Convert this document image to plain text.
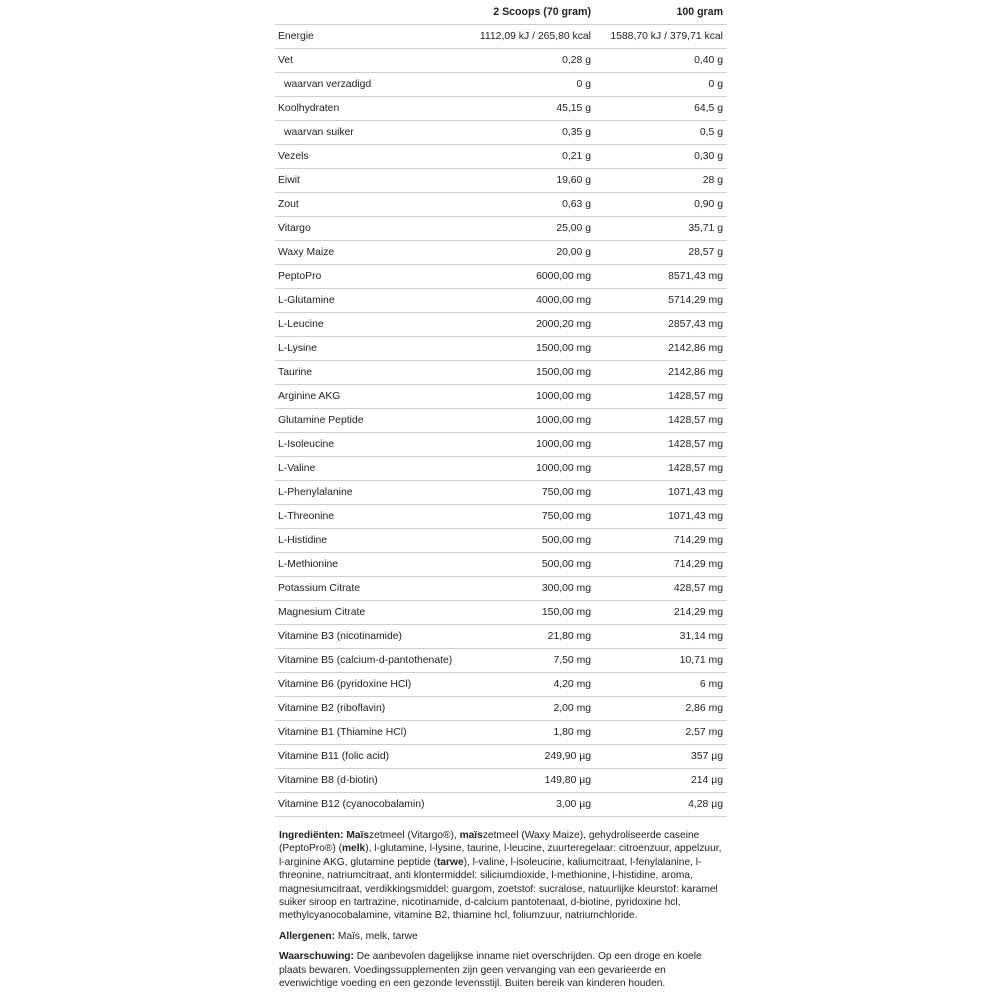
	2 Scoops (70 gram)	100 gram
Energie	1112,09 kJ / 265,80 kcal	1588,70 kJ / 379,71 kcal
Vet	0,28 g	0,40 g
waarvan verzadigd	0 g	0 g
Koolhydraten	45,15 g	64,5 g
waarvan suiker	0,35 g	0,5 g
Vezels	0,21 g	0,30 g
Eiwit	19,60 g	28 g
Zout	0,63 g	0,90 g
Vitargo	25,00 g	35,71 g
Waxy Maize	20,00 g	28,57 g
PeptoPro	6000,00 mg	8571,43 mg
L-Glutamine	4000,00 mg	5714,29 mg
L-Leucine	2000,20 mg	2857,43 mg
L-Lysine	1500,00 mg	2142,86 mg
Taurine	1500,00 mg	2142,86 mg
Arginine AKG	1000,00 mg	1428,57 mg
Glutamine Peptide	1000,00 mg	1428,57 mg
L-Isoleucine	1000,00 mg	1428,57 mg
L-Valine	1000,00 mg	1428,57 mg
L-Phenylalanine	750,00 mg	1071,43 mg
L-Threonine	750,00 mg	1071,43 mg
L-Histidine	500,00 mg	714,29 mg
L-Methionine	500,00 mg	714,29 mg
Potassium Citrate	300,00 mg	428,57 mg
Magnesium Citrate	150,00 mg	214,29 mg
Vitamine B3 (nicotinamide)	21,80 mg	31,14 mg
Vitamine B5 (calcium-d-pantothenate)	7,50 mg	10,71 mg
Vitamine B6 (pyridoxine HCl)	4,20 mg	6 mg
Vitamine B2 (riboflavin)	2,00 mg	2,86 mg
Vitamine B1 (Thiamine HCl)	1,80 mg	2,57 mg
Vitamine B11 (folic acid)	249,90 µg	357 µg
Vitamine B8 (d-biotin)	149,80 µg	214 µg
Vitamine B12 (cyanocobalamin)	3,00 µg	4,28 µg

Ingrediënten: Maïszetmeel (Vitargo®), maïszetmeel (Waxy Maize), gehydroliseerde caseine (PeptoPro®) (melk), l-glutamine, l-lysine, taurine, l-leucine, zuurteregelaar: citroenzuur, appelzuur, l-arginine AKG, glutamine peptide (tarwe), l-valine, l-isoleucine, kaliumcitraat, l-fenylalanine, l-threonine, natriumcitraat, anti klontermiddel: siliciumdioxide, l-methionine, l-histidine, aroma, magnesiumcitraat, verdikkingsmiddel: guargom, zoetstof: sucralose, natuurlijke kleurstof: karamel suiker siroop en tartrazine, nicotinamide, d-calcium pantotenaat, d-biotine, pyridoxine hcl, methylcyanocobalamine, vitamine B2, thiamine hcl, foliumzuur, natriumchloride.

Allergenen: Maïs, melk, tarwe

Waarschuwing: De aanbevolen dagelijkse inname niet overschrijden. Op een droge en koele plaats bewaren. Voedingssupplementen zijn geen vervanging van een gevarieerde en evenwichtige voeding en een gezonde levensstijl. Buiten bereik van kinderen houden.
